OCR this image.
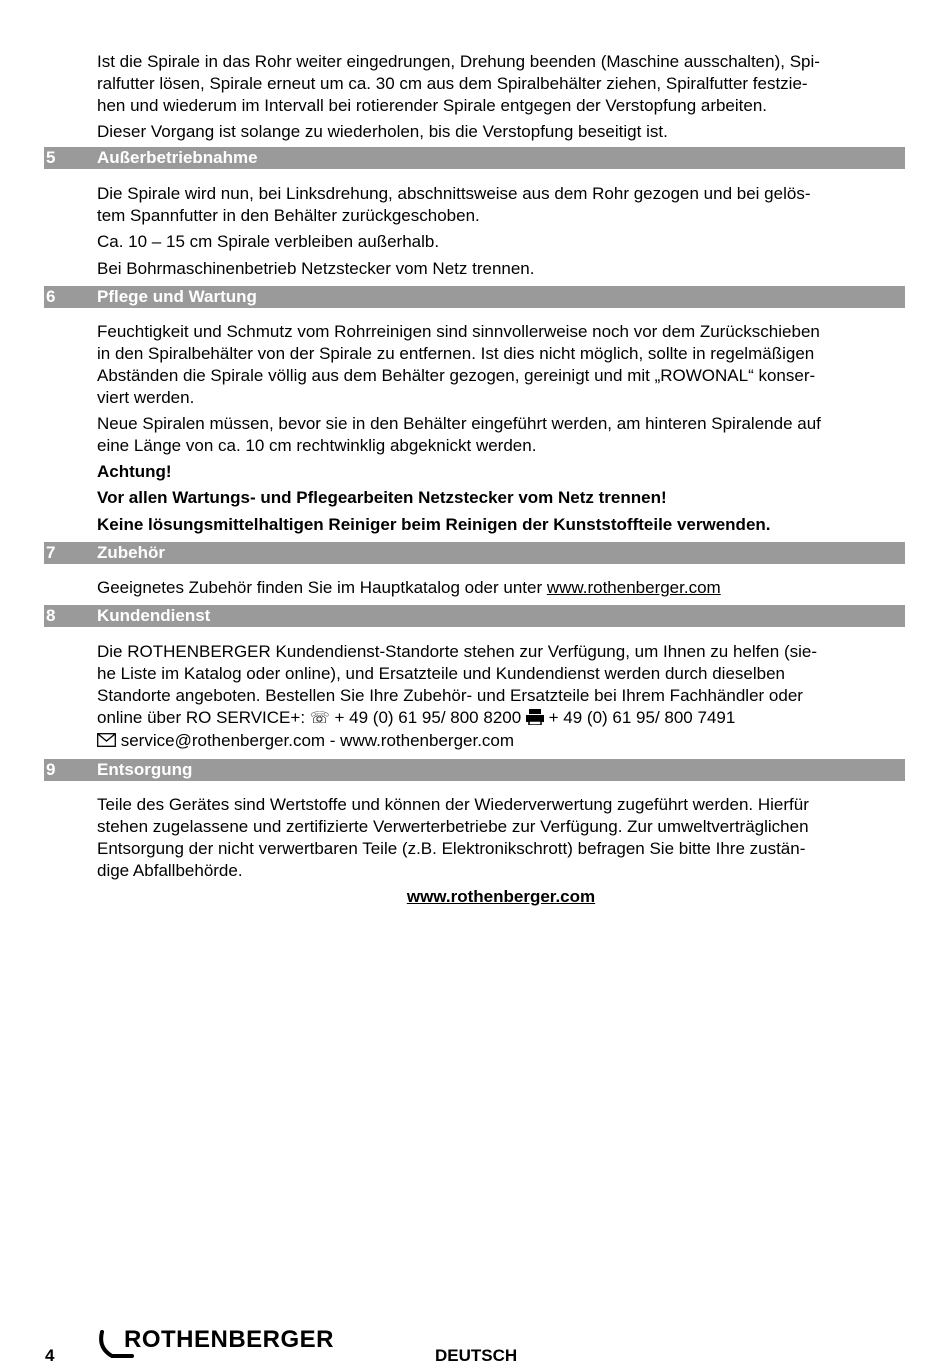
Ist die Spirale in das Rohr weiter eingedrungen, Drehung beenden (Maschine ausschalten), Spi-
ralfutter lösen, Spirale erneut um ca. 30 cm aus dem Spiralbehälter ziehen, Spiralfutter festzie-
hen und wiederum im Intervall bei rotierender Spirale entgegen der Verstopfung arbeiten.
Dieser Vorgang ist solange zu wiederholen, bis die Verstopfung beseitigt ist.
5 Außerbetriebnahme
Die Spirale wird nun, bei Linksdrehung, abschnittsweise aus dem Rohr gezogen und bei gelös-
tem Spannfutter in den Behälter zurückgeschoben.
Ca. 10 – 15 cm Spirale verbleiben außerhalb.
Bei Bohrmaschinenbetrieb Netzstecker vom Netz trennen.
6 Pflege und Wartung
Feuchtigkeit und Schmutz vom Rohrreinigen sind sinnvollerweise noch vor dem Zurückschieben
in den Spiralbehälter von der Spirale zu entfernen. Ist dies nicht möglich, sollte in regelmäßigen
Abständen die Spirale völlig aus dem Behälter gezogen, gereinigt und mit „ROWONAL“ konser-
viert werden.
Neue Spiralen müssen, bevor sie in den Behälter eingeführt werden, am hinteren Spiralende auf
eine Länge von ca. 10 cm rechtwinklig abgeknickt werden.
Achtung!
Vor allen Wartungs- und Pflegearbeiten Netzstecker vom Netz trennen!
Keine lösungsmittelhaltigen Reiniger beim Reinigen der Kunststoffteile verwenden.
7 Zubehör
Geeignetes Zubehör finden Sie im Hauptkatalog oder unter www.rothenberger.com
8 Kundendienst
Die ROTHENBERGER Kundendienst-Standorte stehen zur Verfügung, um Ihnen zu helfen (sie-
he Liste im Katalog oder online), und Ersatzteile und Kundendienst werden durch dieselben
Standorte angeboten. Bestellen Sie Ihre Zubehör- und Ersatzteile bei Ihrem Fachhändler oder
online über RO SERVICE+: ☏ + 49 (0) 61 95/ 800 8200  + 49 (0) 61 95/ 800 7491
service@rothenberger.com - www.rothenberger.com
9 Entsorgung
Teile des Gerätes sind Wertstoffe und können der Wiederverwertung zugeführt werden. Hierfür
stehen zugelassene und zertifizierte Verwerterbetriebe zur Verfügung. Zur umweltverträglichen
Entsorgung der nicht verwertbaren Teile (z.B. Elektronikschrott) befragen Sie bitte Ihre zustän-
dige Abfallbehörde.
www.rothenberger.com
4
ROTHENBERGER
DEUTSCH
